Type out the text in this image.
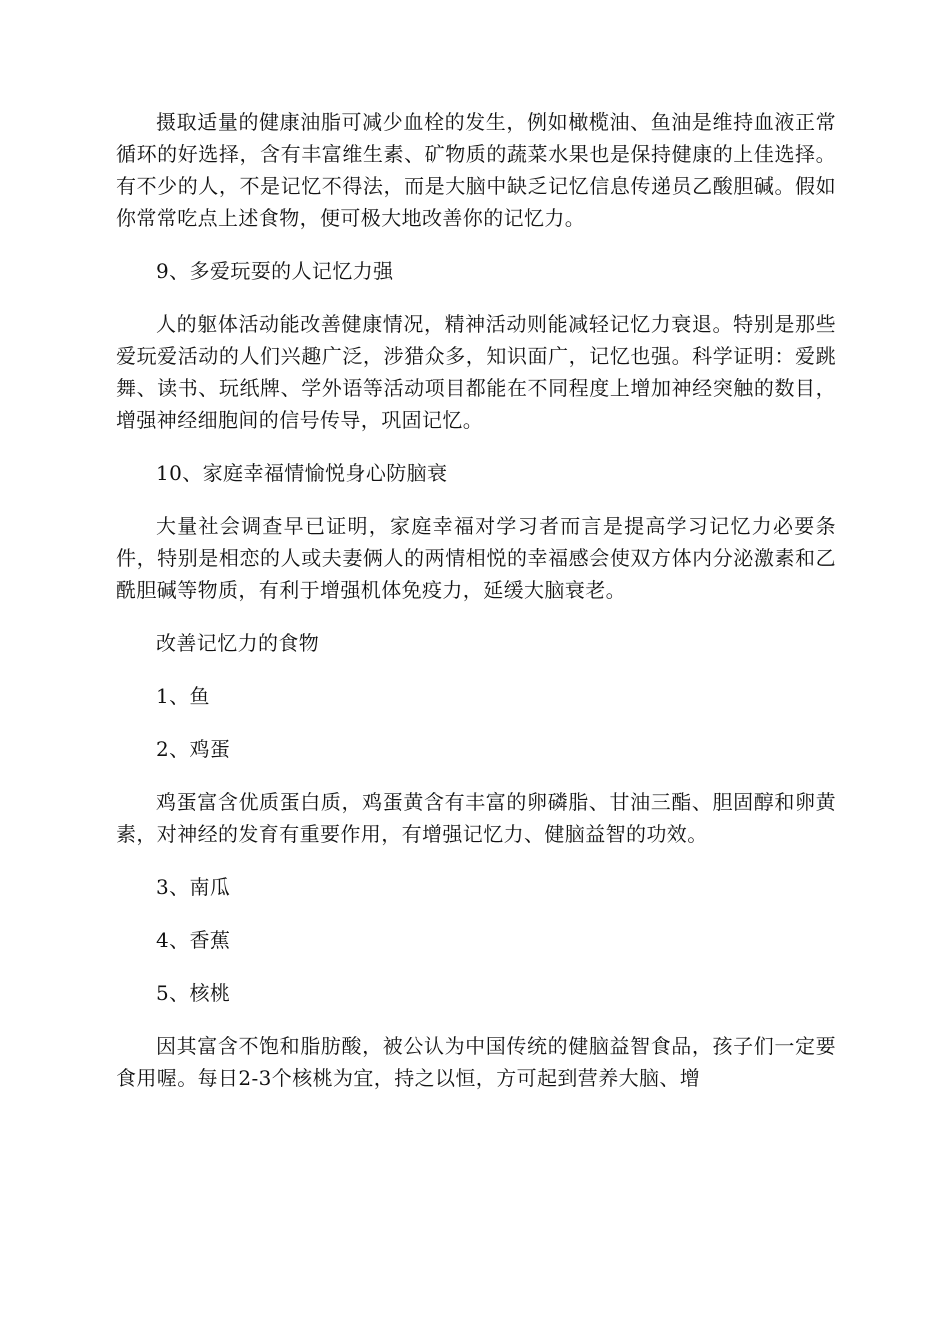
摄取适量的健康油脂可减少血栓的发生，例如橄榄油、鱼油是维持血液正常循环的好选择，含有丰富维生素、矿物质的蔬菜水果也是保持健康的上佳选择。有不少的人，不是记忆不得法，而是大脑中缺乏记忆信息传递员乙酸胆碱。假如你常常吃点上述食物，便可极大地改善你的记忆力。

9、多爱玩耍的人记忆力强

人的躯体活动能改善健康情况，精神活动则能减轻记忆力衰退。特别是那些爱玩爱活动的人们兴趣广泛，涉猎众多，知识面广，记忆也强。科学证明：爱跳舞、读书、玩纸牌、学外语等活动项目都能在不同程度上增加神经突触的数目，增强神经细胞间的信号传导，巩固记忆。

10、家庭幸福情愉悦身心防脑衰

大量社会调查早已证明，家庭幸福对学习者而言是提高学习记忆力必要条件，特别是相恋的人或夫妻俩人的两情相悦的幸福感会使双方体内分泌激素和乙酰胆碱等物质，有利于增强机体免疫力，延缓大脑衰老。

改善记忆力的食物

1、鱼

2、鸡蛋

鸡蛋富含优质蛋白质，鸡蛋黄含有丰富的卵磷脂、甘油三酯、胆固醇和卵黄素，对神经的发育有重要作用，有增强记忆力、健脑益智的功效。

3、南瓜

4、香蕉

5、核桃

因其富含不饱和脂肪酸，被公认为中国传统的健脑益智食品，孩子们一定要食用喔。每日2-3个核桃为宜，持之以恒，方可起到营养大脑、增
